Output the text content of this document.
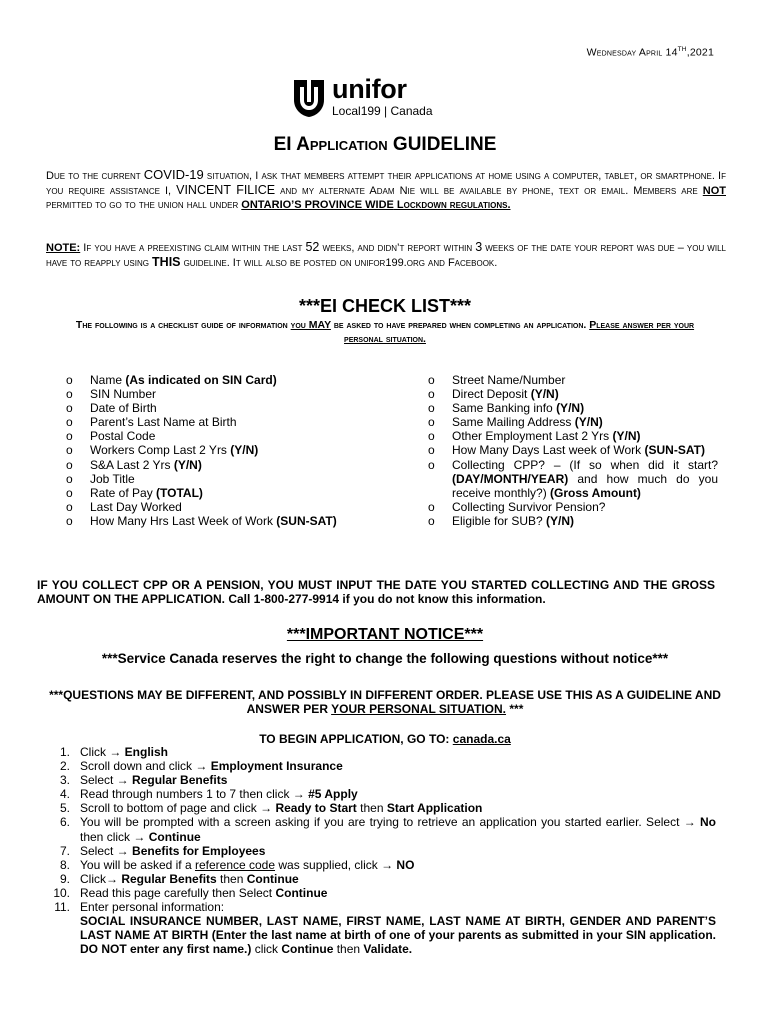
Wednesday April 14TH,2021
unifor
Local199 | Canada
EI Application GUIDELINE
Due to the current COVID-19 situation, I ask that members attempt their applications at home using a computer, tablet, or smartphone. If you require assistance I, VINCENT FILICE and my alternate Adam Nie will be available by phone, text or email. Members are NOT permitted to go to the union hall under ONTARIO’S PROVINCE WIDE Lockdown regulations.
NOTE: If you have a preexisting claim within the last 52 weeks, and didn’t report within 3 weeks of the date your report was due – you will have to reapply using THIS guideline. It will also be posted on unifor199.org and Facebook.
***EI CHECK LIST***
The following is a checklist guide of information you MAY be asked to have prepared when completing an application. Please answer per your personal situation.
o Name (As indicated on SIN Card)
o SIN Number
o Date of Birth
o Parent’s Last Name at Birth
o Postal Code
o Workers Comp Last 2 Yrs (Y/N)
o S&A Last 2 Yrs (Y/N)
o Job Title
o Rate of Pay (TOTAL)
o Last Day Worked
o How Many Hrs Last Week of Work (SUN-SAT)
o Street Name/Number
o Direct Deposit (Y/N)
o Same Banking info (Y/N)
o Same Mailing Address (Y/N)
o Other Employment Last 2 Yrs (Y/N)
o How Many Days Last week of Work (SUN-SAT)
o Collecting CPP? – (If so when did it start? (DAY/MONTH/YEAR) and how much do you receive monthly?) (Gross Amount)
o Collecting Survivor Pension?
o Eligible for SUB? (Y/N)
IF YOU COLLECT CPP OR A PENSION, YOU MUST INPUT THE DATE YOU STARTED COLLECTING AND THE GROSS AMOUNT ON THE APPLICATION. Call 1-800-277-9914 if you do not know this information.
***IMPORTANT NOTICE***
***Service Canada reserves the right to change the following questions without notice***
***QUESTIONS MAY BE DIFFERENT, AND POSSIBLY IN DIFFERENT ORDER. PLEASE USE THIS AS A GUIDELINE AND ANSWER PER YOUR PERSONAL SITUATION. ***
TO BEGIN APPLICATION, GO TO: canada.ca
1. Click → English
2. Scroll down and click → Employment Insurance
3. Select → Regular Benefits
4. Read through numbers 1 to 7 then click → #5 Apply
5. Scroll to bottom of page and click → Ready to Start then Start Application
6. You will be prompted with a screen asking if you are trying to retrieve an application you started earlier. Select → No then click → Continue
7. Select → Benefits for Employees
8. You will be asked if a reference code was supplied, click → NO
9. Click→ Regular Benefits then Continue
10. Read this page carefully then Select Continue
11. Enter personal information:
SOCIAL INSURANCE NUMBER, LAST NAME, FIRST NAME, LAST NAME AT BIRTH, GENDER AND PARENT’S LAST NAME AT BIRTH (Enter the last name at birth of one of your parents as submitted in your SIN application. DO NOT enter any first name.) click Continue then Validate.
